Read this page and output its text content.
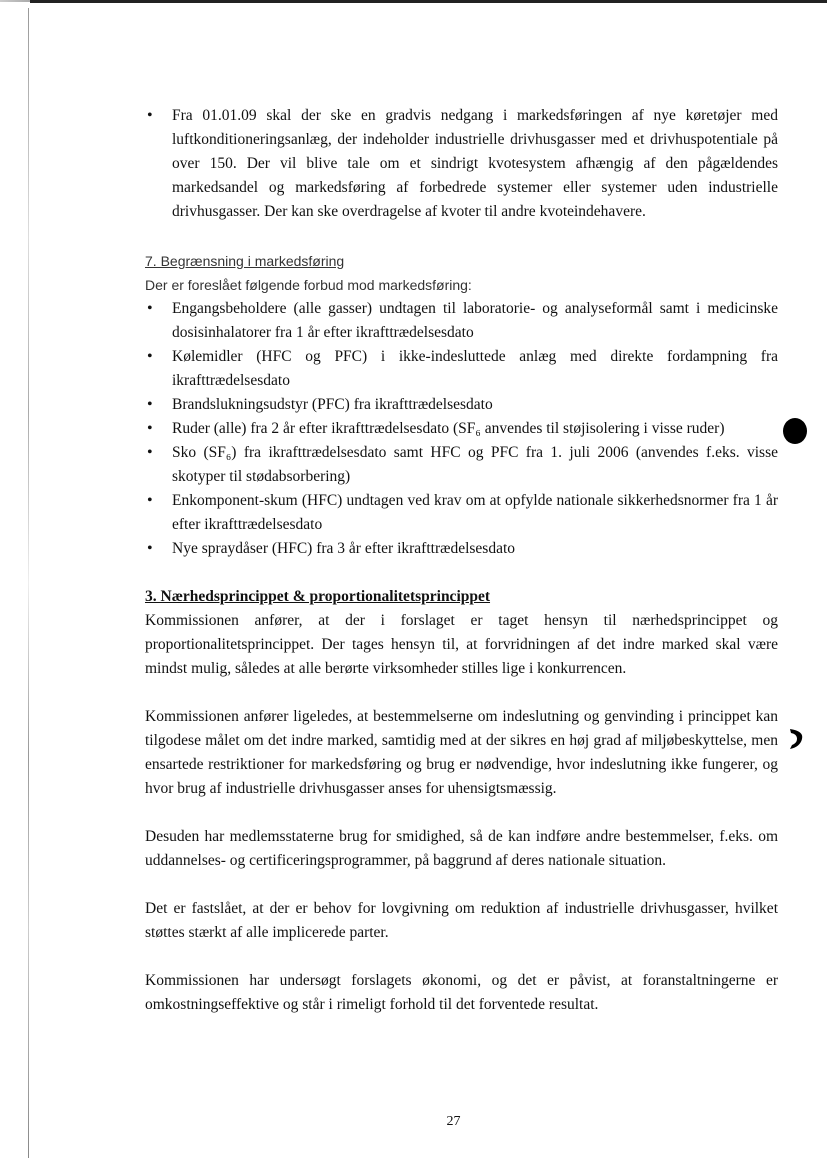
• Fra 01.01.09 skal der ske en gradvis nedgang i markedsføringen af nye køretøjer med luftkonditioneringsanlæg, der indeholder industrielle drivhusgasser med et drivhuspotentiale på over 150. Der vil blive tale om et sindrigt kvotesystem afhængig af den pågældendes markedsandel og markedsføring af forbedrede systemer eller systemer uden industrielle drivhusgasser. Der kan ske overdragelse af kvoter til andre kvoteindehavere.
7. Begrænsning i markedsføring
Der er foreslået følgende forbud mod markedsføring:
• Engangsbeholdere (alle gasser) undtagen til laboratorie- og analyseformål samt i medicinske dosisinhalatorer fra 1 år efter ikrafttrædelsesdato
• Kølemidler (HFC og PFC) i ikke-indesluttede anlæg med direkte fordampning fra ikrafttrædelsesdato
• Brandslukningsudstyr (PFC) fra ikrafttrædelsesdato
• Ruder (alle) fra 2 år efter ikrafttrædelsesdato (SF₆ anvendes til støjisolering i visse ruder)
• Sko (SF₆) fra ikrafttrædelsesdato samt HFC og PFC fra 1. juli 2006 (anvendes f.eks. visse skotyper til stødabsorbering)
• Enkomponent-skum (HFC) undtagen ved krav om at opfylde nationale sikkerhedsnormer fra 1 år efter ikrafttrædelsesdato
• Nye spraydåser (HFC) fra 3 år efter ikrafttrædelsesdato
3. Nærhedsprincippet & proportionalitetsprincippet

Kommissionen anfører, at der i forslaget er taget hensyn til nærhedsprincippet og proportionalitetsprincippet. Der tages hensyn til, at forvridningen af det indre marked skal være mindst mulig, således at alle berørte virksomheder stilles lige i konkurrencen.

Kommissionen anfører ligeledes, at bestemmelserne om indeslutning og genvinding i princippet kan tilgodese målet om det indre marked, samtidig med at der sikres en høj grad af miljøbeskyttelse, men ensartede restriktioner for markedsføring og brug er nødvendige, hvor indeslutning ikke fungerer, og hvor brug af industrielle drivhusgasser anses for uhensigtsmæssig.

Desuden har medlemsstaterne brug for smidighed, så de kan indføre andre bestemmelser, f.eks. om uddannelses- og certificeringsprogrammer, på baggrund af deres nationale situation.

Det er fastslået, at der er behov for lovgivning om reduktion af industrielle drivhusgasser, hvilket støttes stærkt af alle implicerede parter.

Kommissionen har undersøgt forslagets økonomi, og det er påvist, at foranstaltningerne er omkostningseffektive og står i rimeligt forhold til det forventede resultat.

27
